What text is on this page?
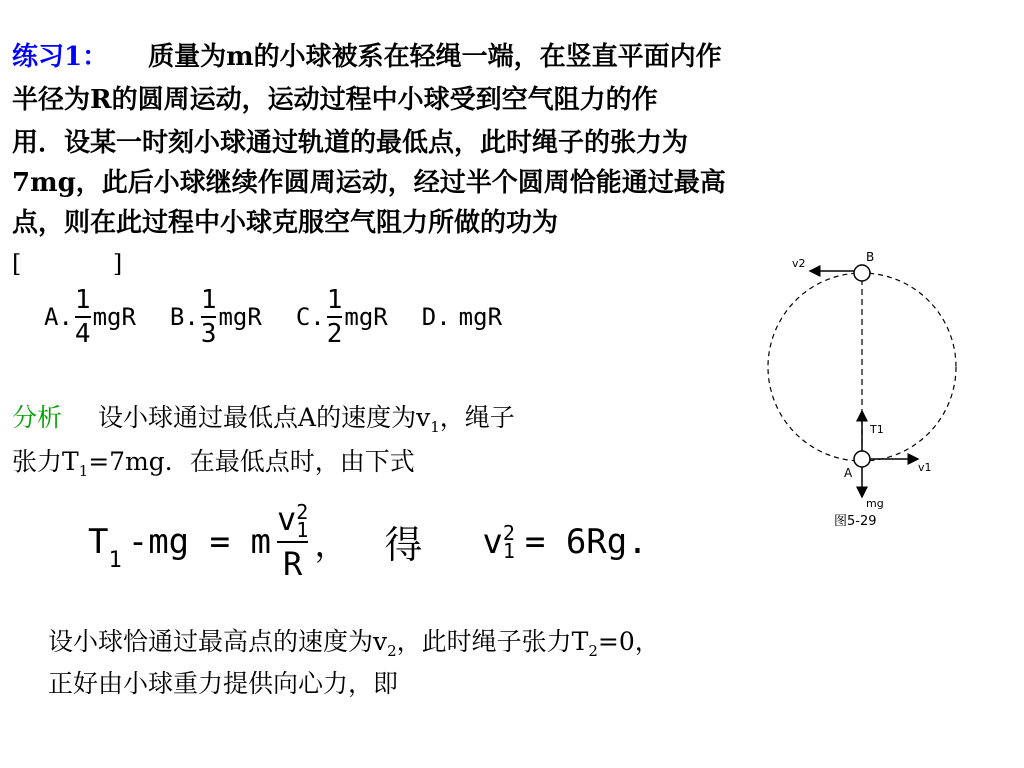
练习1： 质量为m的小球被系在轻绳一端，在竖直平面内作
半径为R的圆周运动，运动过程中小球受到空气阻力的作
用．设某一时刻小球通过轨道的最低点，此时绳子的张力为
7mg，此后小球继续作圆周运动，经过半个圆周恰能通过最高
点，则在此过程中小球克服空气阻力所做的功为
[            ]
A. $\frac{1}{4}$ mgR B. $\frac{1}{3}$ mgR C. $\frac{1}{2}$ mgR D. mgR
分析 设小球通过最低点A的速度为$v_1$，绳子
张力$T_1=7mg$．在最低点时，由下式
$T_1$ -mg = m v 2
1
R ， 得 v 2
1 = 6Rg.
设小球恰通过最高点的速度为$v_2$，此时绳子张力$T_2=0$，
正好由小球重力提供向心力，即
B
A
v2
v1
T1
mg
图5-29
